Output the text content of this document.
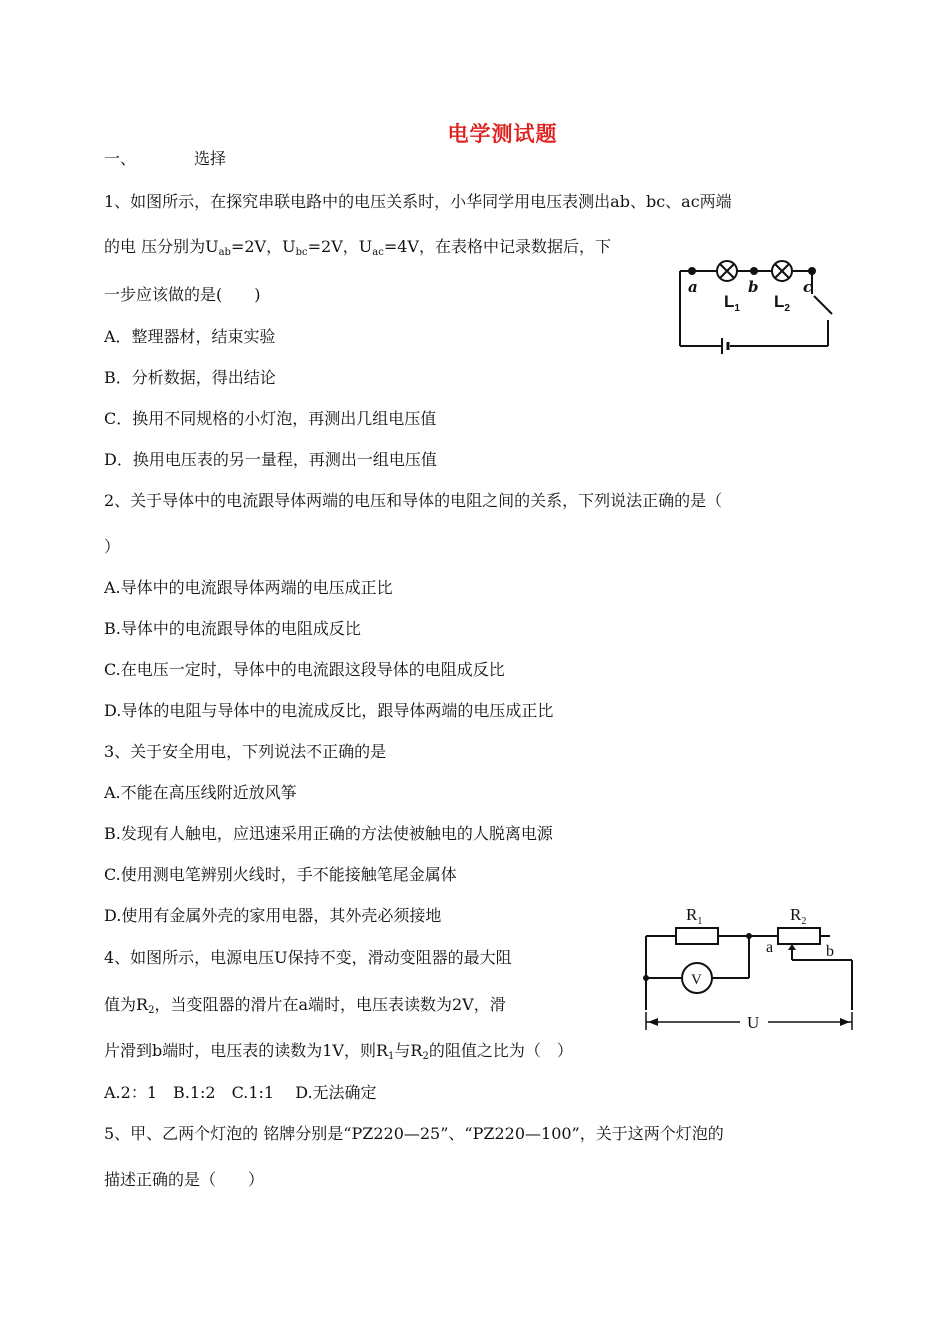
电学测试题
一、	选择
1、如图所示，在探究串联电路中的电压关系时，小华同学用电压表测出ab、bc、ac两端
的电 压分别为$U_{ab}=2V$，$U_{bc}=2V$，$U_{ac}=4V$，在表格中记录数据后，下
一步应该做的是(　　)
A．整理器材，结束实验
B．分析数据，得出结论
C．换用不同规格的小灯泡，再测出几组电压值
D．换用电压表的另一量程，再测出一组电压值
a	b	c
$L_1$ $L_2$
2、关于导体中的电流跟导体两端的电压和导体的电阻之间的关系，下列说法正确的是（
）
A.导体中的电流跟导体两端的电压成正比
B.导体中的电流跟导体的电阻成反比
C.在电压一定时，导体中的电流跟这段导体的电阻成反比
D.导体的电阻与导体中的电流成反比，跟导体两端的电压成正比
3、关于安全用电，下列说法不正确的是
A.不能在高压线附近放风筝
B.发现有人触电，应迅速采用正确的方法使被触电的人脱离电源
C.使用测电笔辨别火线时，手不能接触笔尾金属体
D.使用有金属外壳的家用电器，其外壳必须接地
4、如图所示，电源电压U保持不变，滑动变阻器的最大阻
值为$R_2$，当变阻器的滑片在a端时，电压表读数为2V，滑
片滑到b端时，电压表的读数为1V，则$R_1$与$R_2$的阻值之比为（　）
A.2：1　B.1:2　C.1:1　 D.无法确定
$R_1$	$R_2$
V
a	b
U
5、甲、乙两个灯泡的 铭牌分别是“PZ220—25”、“PZ220—100”，关于这两个灯泡的
描述正确的是（　　）
